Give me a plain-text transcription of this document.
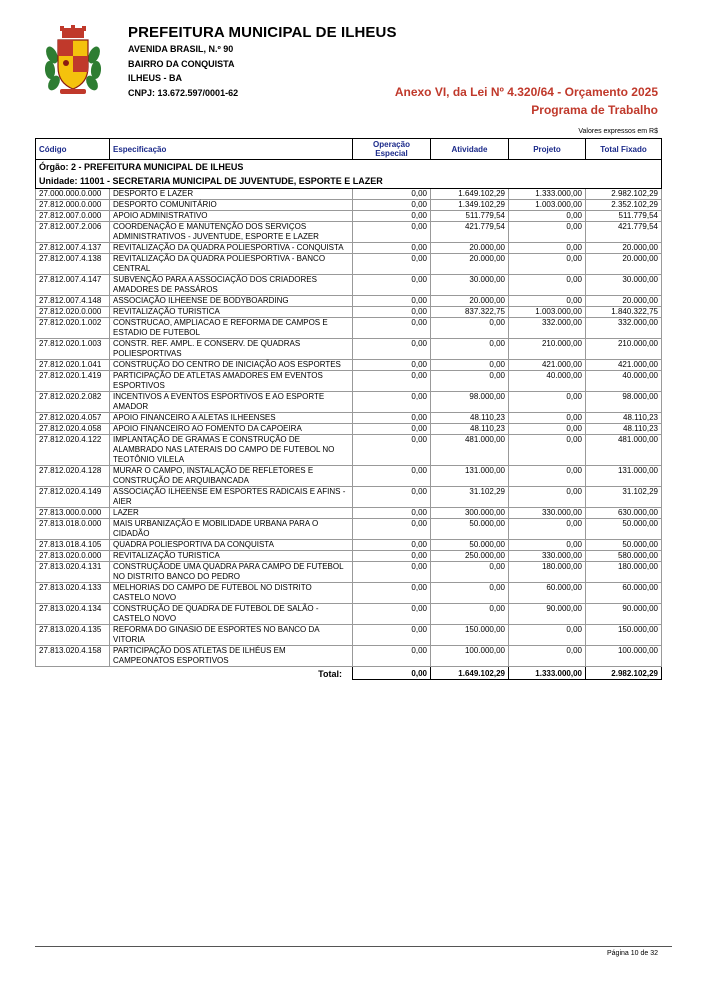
PREFEITURA MUNICIPAL DE ILHEUS
AVENIDA BRASIL, N.º 90
BAIRRO DA CONQUISTA
ILHEUS - BA
CNPJ: 13.672.597/0001-62	Anexo VI, da Lei Nº 4.320/64 - Orçamento 2025
Programa de Trabalho
Valores expressos em R$
Código	Especificação	Operação Especial	Atividade	Projeto	Total Fixado
Órgão: 2 - PREFEITURA MUNICIPAL DE ILHEUS					
Unidade: 11001 - SECRETARIA MUNICIPAL DE JUVENTUDE, ESPORTE E LAZER					
27.000.000.0.000	DESPORTO E LAZER	0,00	1.649.102,29	1.333.000,00	2.982.102,29
27.812.000.0.000	DESPORTO COMUNITÁRIO	0,00	1.349.102,29	1.003.000,00	2.352.102,29
27.812.007.0.000	APOIO ADMINISTRATIVO	0,00	511.779,54	0,00	511.779,54
27.812.007.2.006	COORDENAÇÃO E MANUTENÇÃO DOS SERVIÇOS ADMINISTRATIVOS - JUVENTUDE, ESPORTE E LAZER	0,00	421.779,54	0,00	421.779,54
27.812.007.4.137	REVITALIZAÇÃO DA QUADRA POLIESPORTIVA - CONQUISTA	0,00	20.000,00	0,00	20.000,00
27.812.007.4.138	REVITALIZAÇÃO DA QUADRA POLIESPORTIVA - BANCO CENTRAL	0,00	20.000,00	0,00	20.000,00
27.812.007.4.147	SUBVENÇÃO PARA A ASSOCIAÇÃO DOS CRIADORES AMADORES DE PASSÁROS	0,00	30.000,00	0,00	30.000,00
27.812.007.4.148	ASSOCIAÇÃO ILHEENSE DE BODYBOARDING	0,00	20.000,00	0,00	20.000,00
27.812.020.0.000	REVITALIZAÇÃO TURISTICA	0,00	837.322,75	1.003.000,00	1.840.322,75
27.812.020.1.002	CONSTRUCAO, AMPLIACAO E REFORMA DE CAMPOS E ESTADIO DE FUTEBOL	0,00	0,00	332.000,00	332.000,00
27.812.020.1.003	CONSTR. REF. AMPL. E CONSERV. DE QUADRAS POLIESPORTIVAS	0,00	0,00	210.000,00	210.000,00
27.812.020.1.041	CONSTRUÇÃO DO CENTRO DE INICIAÇÃO AOS ESPORTES	0,00	0,00	421.000,00	421.000,00
27.812.020.1.419	PARTICIPAÇÃO DE ATLETAS AMADORES EM EVENTOS ESPORTIVOS	0,00	0,00	40.000,00	40.000,00
27.812.020.2.082	INCENTIVOS A EVENTOS ESPORTIVOS E AO ESPORTE AMADOR	0,00	98.000,00	0,00	98.000,00
27.812.020.4.057	APOIO FINANCEIRO A ALETAS ILHEENSES	0,00	48.110,23	0,00	48.110,23
27.812.020.4.058	APOIO FINANCEIRO AO FOMENTO DA CAPOEIRA	0,00	48.110,23	0,00	48.110,23
27.812.020.4.122	IMPLANTAÇÃO DE GRAMAS E CONSTRUÇÃO DE ALAMBRADO NAS LATERAIS DO CAMPO DE FUTEBOL NO TEOTÔNIO VILELA	0,00	481.000,00	0,00	481.000,00
27.812.020.4.128	MURAR O CAMPO, INSTALAÇÃO DE REFLETORES E CONSTRUÇÃO DE ARQUIBANCADA	0,00	131.000,00	0,00	131.000,00
27.812.020.4.149	ASSOCIAÇÃO ILHEENSE EM ESPORTES RADICAIS E AFINS - AIER	0,00	31.102,29	0,00	31.102,29
27.813.000.0.000	LAZER	0,00	300.000,00	330.000,00	630.000,00
27.813.018.0.000	MAIS URBANIZAÇÃO E MOBILIDADE URBANA PARA O CIDADÃO	0,00	50.000,00	0,00	50.000,00
27.813.018.4.105	QUADRA POLIESPORTIVA DA CONQUISTA	0,00	50.000,00	0,00	50.000,00
27.813.020.0.000	REVITALIZAÇÃO TURISTICA	0,00	250.000,00	330.000,00	580.000,00
27.813.020.4.131	CONSTRUÇÃODE UMA QUADRA PARA CAMPO DE FUTEBOL NO DISTRITO BANCO DO PEDRO	0,00	0,00	180.000,00	180.000,00
27.813.020.4.133	MELHORIAS DO CAMPO DE FUTEBOL NO DISTRITO CASTELO NOVO	0,00	0,00	60.000,00	60.000,00
27.813.020.4.134	CONSTRUÇÃO DE QUADRA DE FUTEBOL DE SALÃO - CASTELO NOVO	0,00	0,00	90.000,00	90.000,00
27.813.020.4.135	REFORMA DO GINASIO DE ESPORTES NO BANCO DA VITORIA	0,00	150.000,00	0,00	150.000,00
27.813.020.4.158	PARTICIPAÇÃO DOS ATLETAS DE ILHÉUS EM CAMPEONATOS ESPORTIVOS	0,00	100.000,00	0,00	100.000,00
	Total:	0,00	1.649.102,29	1.333.000,00	2.982.102,29
Página 10 de 32
